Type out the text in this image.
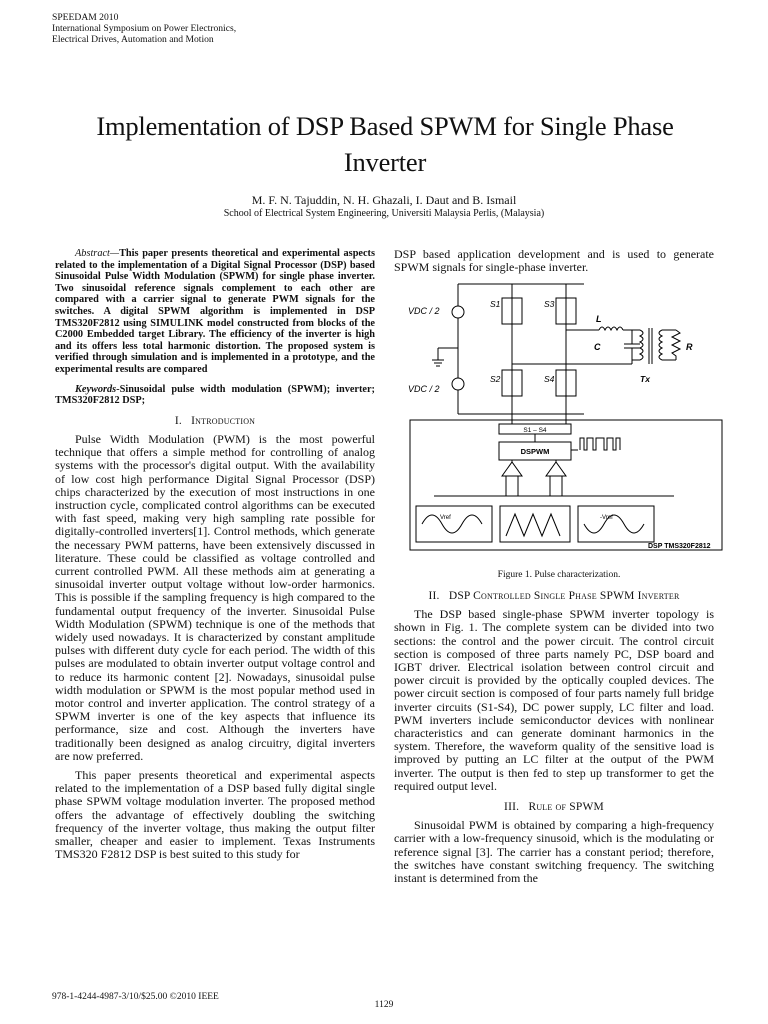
SPEEDAM 2010
International Symposium on Power Electronics,
Electrical Drives, Automation and Motion
Implementation of DSP Based SPWM for Single Phase Inverter
M. F. N. Tajuddin, N. H. Ghazali, I. Daut and B. Ismail
School of Electrical System Engineering, Universiti Malaysia Perlis, (Malaysia)
Abstract—This paper presents theoretical and experimental aspects related to the implementation of a Digital Signal Processor (DSP) based Sinusoidal Pulse Width Modulation (SPWM) for single phase inverter. Two sinusoidal reference signals complement to each other are compared with a carrier signal to generate PWM signals for the switches. A digital SPWM algorithm is implemented in DSP TMS320F2812 using SIMULINK model constructed from blocks of the C2000 Embedded target Library. The efficiency of the inverter is high and its offers less total harmonic distortion. The proposed system is verified through simulation and is implemented in a prototype, and the experimental results are compared
Keywords-Sinusoidal pulse width modulation (SPWM); inverter; TMS320F2812 DSP;
I. Introduction

Pulse Width Modulation (PWM) is the most powerful technique that offers a simple method for controlling of analog systems with the processor's digital output. With the availability of low cost high performance Digital Signal Processor (DSP) chips characterized by the execution of most instructions in one instruction cycle, complicated control algorithms can be executed with fast speed, making very high sampling rate possible for digitally-controlled inverters[1]. Control methods, which generate the necessary PWM patterns, have been extensively discussed in literature. These could be classified as voltage controlled and current controlled PWM. All these methods aim at generating a sinusoidal inverter output voltage without low-order harmonics. This is possible if the sampling frequency is high compared to the fundamental output frequency of the inverter. Sinusoidal Pulse Width Modulation (SPWM) technique is one of the methods that widely used nowadays. It is characterized by constant amplitude pulses with different duty cycle for each period. The width of this pulses are modulated to obtain inverter output voltage control and to reduce its harmonic content [2]. Nowadays, sinusoidal pulse width modulation or SPWM is the most popular method used in motor control and inverter application. The control strategy of a SPWM inverter is one of the key aspects that influence its performance, size and cost. Although the inverters have traditionally been designed as analog circuitry, digital inverters are now preferred.

This paper presents theoretical and experimental aspects related to the implementation of a DSP based fully digital single phase SPWM voltage modulation inverter. The proposed method offers the advantage of effectively doubling the switching frequency of the inverter voltage, thus making the output filter smaller, cheaper and easier to implement. Texas Instruments TMS320 F2812 DSP is best suited to this study for

DSP based application development and is used to generate SPWM signals for single-phase inverter.

VDC / 2
VDC / 2
S1	S3
S2	S4
L
C	R
Tx
S1 – S4
DSPWM
Vref	-Vref
DSP TMS320F2812
Figure 1. Pulse characterization.
II. DSP Controlled Single Phase SPWM Inverter

The DSP based single-phase SPWM inverter topology is shown in Fig. 1. The complete system can be divided into two sections: the control and the power circuit. The control circuit section is composed of three parts namely PC, DSP board and IGBT driver. Electrical isolation between control circuit and power circuit is provided by the optically coupled devices. The power circuit section is composed of four parts namely full bridge inverter circuits (S1-S4), DC power supply, LC filter and load. PWM inverters include semiconductor devices with nonlinear characteristics and can generate dominant harmonics in the system. Therefore, the waveform quality of the sensitive load is improved by putting an LC filter at the output of the PWM inverter. The output is then fed to step up transformer to get the required output level.

III. Rule of SPWM

Sinusoidal PWM is obtained by comparing a high-frequency carrier with a low-frequency sinusoid, which is the modulating or reference signal [3]. The carrier has a constant period; therefore, the switches have constant switching frequency. The switching instant is determined from the

978-1-4244-4987-3/10/$25.00 ©2010 IEEE
1129
